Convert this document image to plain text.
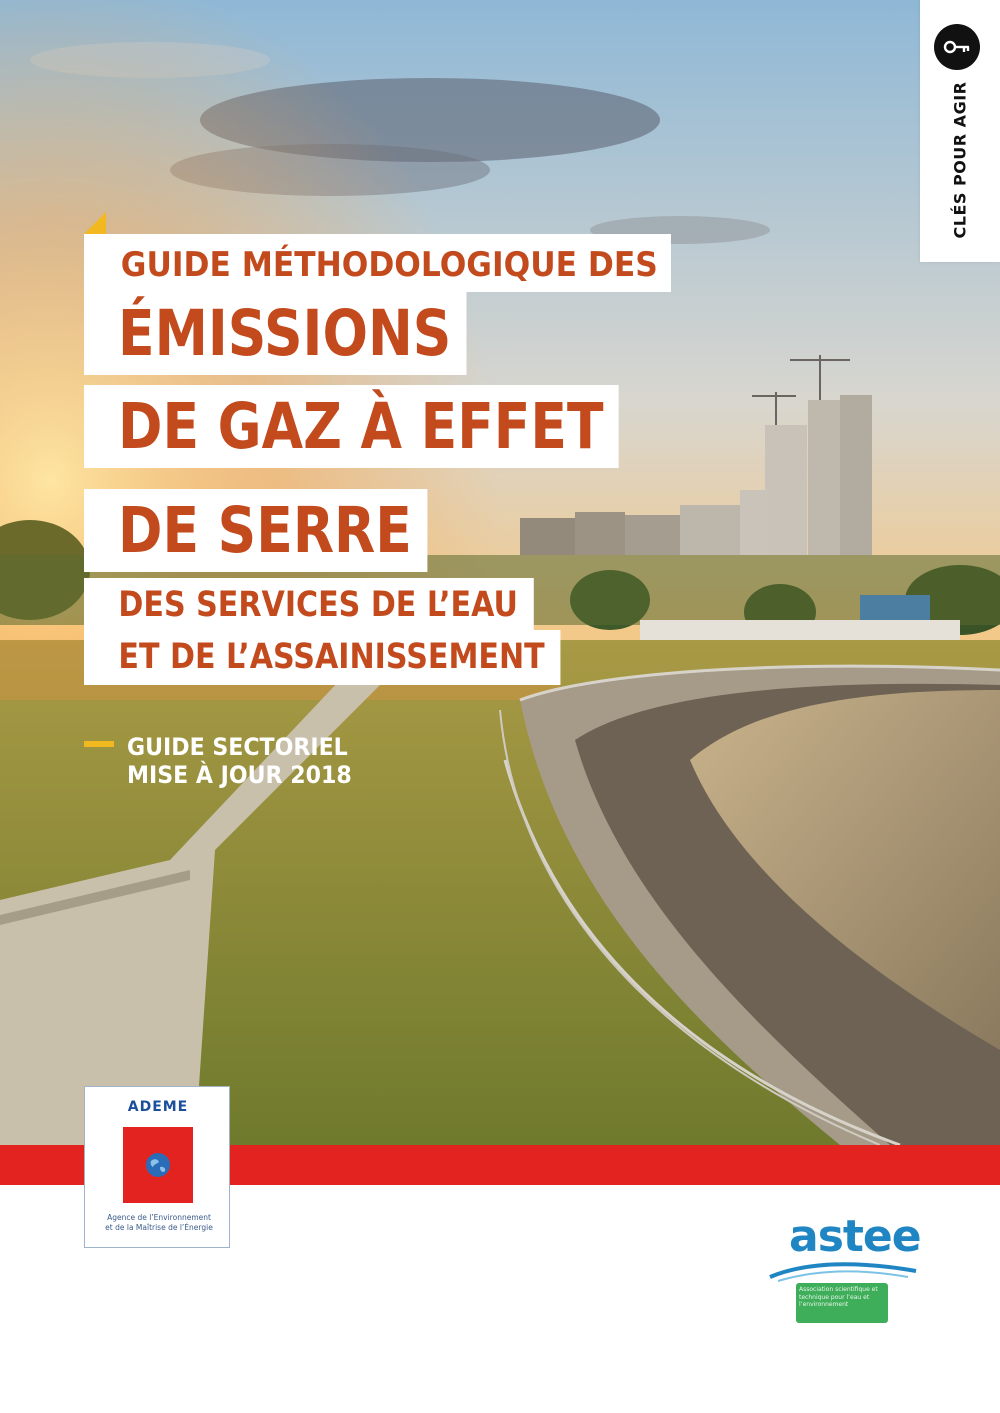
GUIDE MÉTHODOLOGIQUE DES
ÉMISSIONS
DE GAZ À EFFET
DE SERRE
DES SERVICES DE L’EAU
ET DE L’ASSAINISSEMENT
GUIDE SECTORIEL
MISE À JOUR 2018
CLÉS POUR AGIR
ADEME
Agence de l’Environnement
et de la Maîtrise de l’Énergie	astee
Association scientifique et technique pour l’eau et l’environnement
